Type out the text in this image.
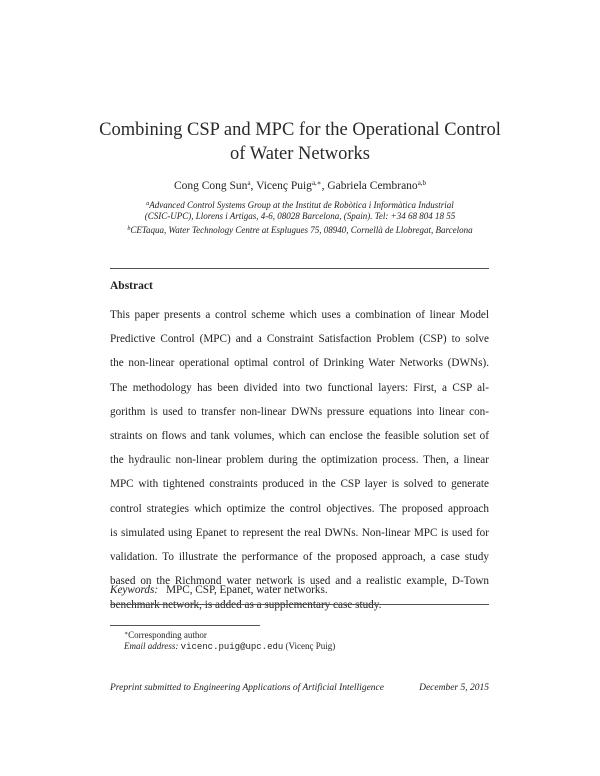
Combining CSP and MPC for the Operational Control
of Water Networks
Cong Cong Sun$^a$, Vicenç Puig$^{a,∗}$, Gabriela Cembrano$^{a,b}$
$^a$Advanced Control Systems Group at the Institut de Robòtica i Informàtica Industrial
(CSIC-UPC), Llorens i Artigas, 4-6, 08028 Barcelona, (Spain). Tel: +34 68 804 18 55
$^b$CETaqua, Water Technology Centre at Esplugues 75, 08940, Cornellà de Llobregat, Barcelona
Abstract
This paper presents a control scheme which uses a combination of linear Model
Predictive Control (MPC) and a Constraint Satisfaction Problem (CSP) to solve
the non-linear operational optimal control of Drinking Water Networks (DWNs).
The methodology has been divided into two functional layers: First, a CSP al-
gorithm is used to transfer non-linear DWNs pressure equations into linear con-
straints on flows and tank volumes, which can enclose the feasible solution set of
the hydraulic non-linear problem during the optimization process. Then, a linear
MPC with tightened constraints produced in the CSP layer is solved to generate
control strategies which optimize the control objectives. The proposed approach
is simulated using Epanet to represent the real DWNs. Non-linear MPC is used for
validation. To illustrate the performance of the proposed approach, a case study
based on the Richmond water network is used and a realistic example, D-Town
benchmark network, is added as a supplementary case study.
∗Corresponding author
Email address: vicenc.puig@upc.edu (Vicenç Puig)
Preprint submitted to Engineering Applications of Artificial Intelligence	December 5, 2015
Keywords: MPC, CSP, Epanet, water networks.
